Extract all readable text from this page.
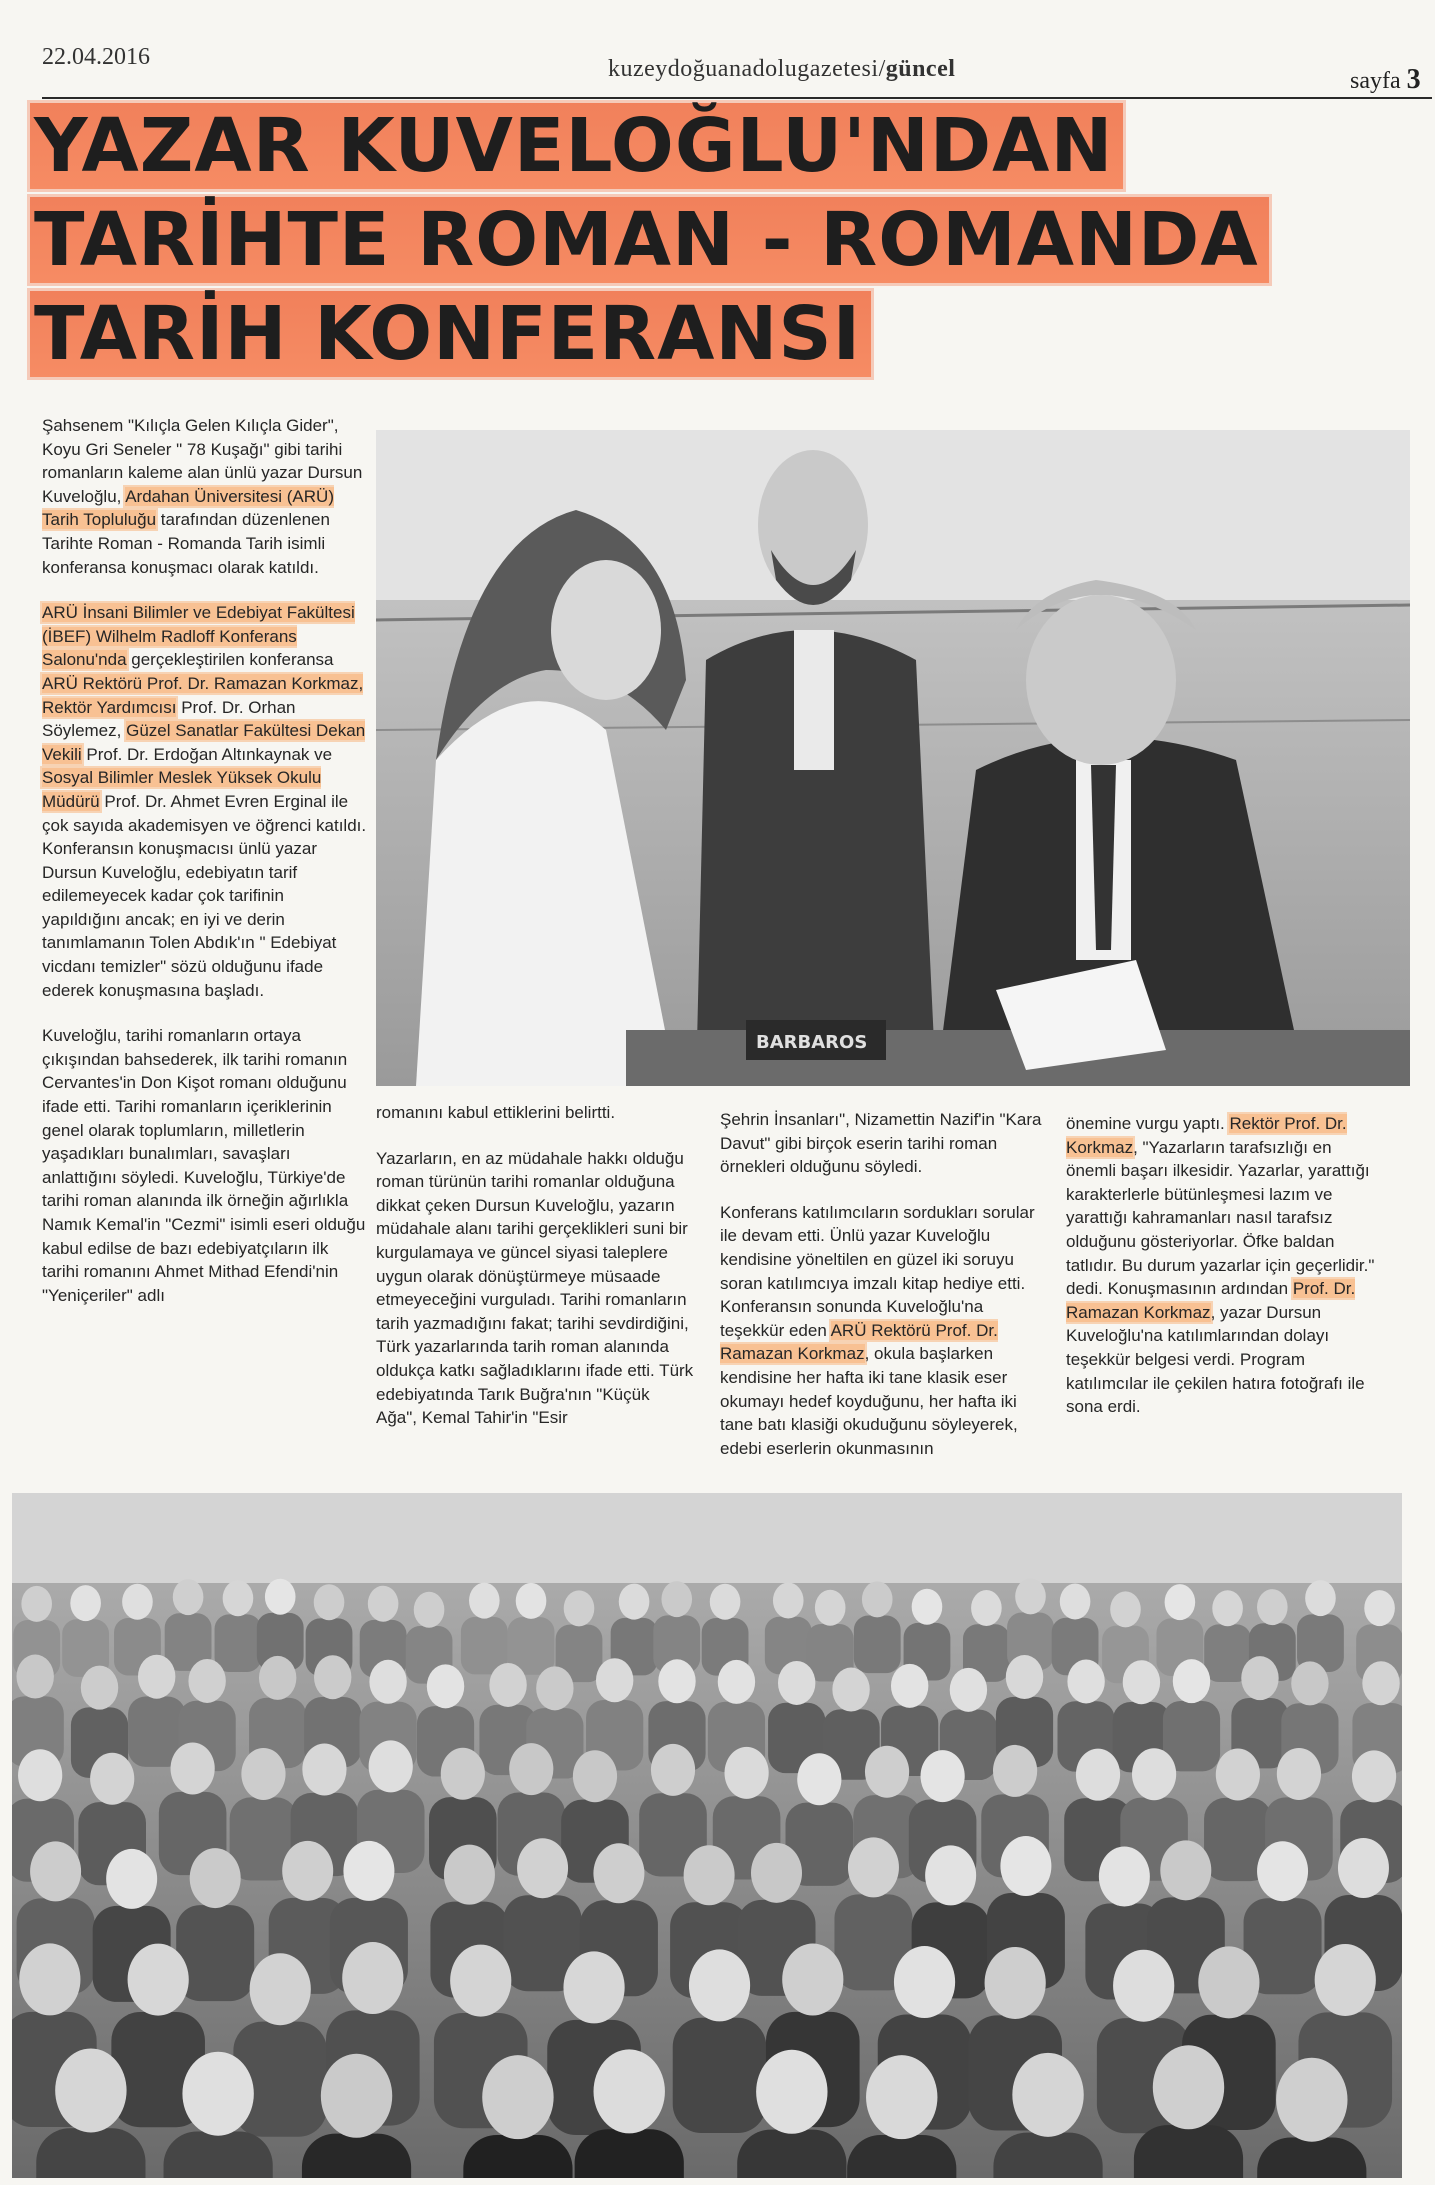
22.04.2016	kuzeydoğuanadolugazetesi/güncel	sayfa 3
YAZAR KUVELOĞLU'NDAN
TARİHTE ROMAN - ROMANDA
TARİH KONFERANSI

Şahsenem "Kılıçla Gelen Kılıçla Gider", Koyu Gri Seneler " 78 Kuşağı" gibi tarihi romanların kaleme alan ünlü yazar Dursun Kuveloğlu, Ardahan Üniversitesi (ARÜ) Tarih Topluluğu tarafından düzenlenen Tarihte Roman - Romanda Tarih isimli konferansa konuşmacı olarak katıldı.

ARÜ İnsani Bilimler ve Edebiyat Fakültesi (İBEF) Wilhelm Radloff Konferans Salonu'nda gerçekleştirilen konferansa ARÜ Rektörü Prof. Dr. Ramazan Korkmaz, Rektör Yardımcısı Prof. Dr. Orhan Söylemez, Güzel Sanatlar Fakültesi Dekan Vekili Prof. Dr. Erdoğan Altınkaynak ve Sosyal Bilimler Meslek Yüksek Okulu Müdürü Prof. Dr. Ahmet Evren Erginal ile çok sayıda akademisyen ve öğrenci katıldı. Konferansın konuşmacısı ünlü yazar Dursun Kuveloğlu, edebiyatın tarif edilemeyecek kadar çok tarifinin yapıldığını ancak; en iyi ve derin tanımlamanın Tolen Abdık'ın " Edebiyat vicdanı temizler" sözü olduğunu ifade ederek konuşmasına başladı.

Kuveloğlu, tarihi romanların ortaya çıkışından bahsederek, ilk tarihi romanın Cervantes'in Don Kişot romanı olduğunu ifade etti. Tarihi romanların içeriklerinin genel olarak toplumların, milletlerin yaşadıkları bunalımları, savaşları anlattığını söyledi. Kuveloğlu, Türkiye'de tarihi roman alanında ilk örneğin ağırlıkla Namık Kemal'in "Cezmi" isimli eseri olduğu kabul edilse de bazı edebiyatçıların ilk tarihi romanını Ahmet Mithad Efendi'nin "Yeniçeriler" adlı

BARBAROS

romanını kabul ettiklerini belirtti.

Yazarların, en az müdahale hakkı olduğu roman türünün tarihi romanlar olduğuna dikkat çeken Dursun Kuveloğlu, yazarın müdahale alanı tarihi gerçeklikleri suni bir kurgulamaya ve güncel siyasi taleplere uygun olarak dönüştürmeye müsaade etmeyeceğini vurguladı. Tarihi romanların tarih yazmadığını fakat; tarihi sevdirdiğini, Türk yazarlarında tarih roman alanında oldukça katkı sağladıklarını ifade etti. Türk edebiyatında Tarık Buğra'nın "Küçük Ağa", Kemal Tahir'in "Esir

Şehrin İnsanları", Nizamettin Nazif'in "Kara Davut" gibi birçok eserin tarihi roman örnekleri olduğunu söyledi.

Konferans katılımcıların sordukları sorular ile devam etti. Ünlü yazar Kuveloğlu kendisine yöneltilen en güzel iki soruyu soran katılımcıya imzalı kitap hediye etti. Konferansın sonunda Kuveloğlu'na teşekkür eden ARÜ Rektörü Prof. Dr. Ramazan Korkmaz, okula başlarken kendisine her hafta iki tane klasik eser okumayı hedef koyduğunu, her hafta iki tane batı klasiği okuduğunu söyleyerek, edebi eserlerin okunmasının

önemine vurgu yaptı. Rektör Prof. Dr. Korkmaz, "Yazarların tarafsızlığı en önemli başarı ilkesidir. Yazarlar, yarattığı karakterlerle bütünleşmesi lazım ve yarattığı kahramanları nasıl tarafsız olduğunu gösteriyorlar. Öfke baldan tatlıdır. Bu durum yazarlar için geçerlidir." dedi. Konuşmasının ardından Prof. Dr. Ramazan Korkmaz, yazar Dursun Kuveloğlu'na katılımlarından dolayı teşekkür belgesi verdi. Program katılımcılar ile çekilen hatıra fotoğrafı ile sona erdi.
